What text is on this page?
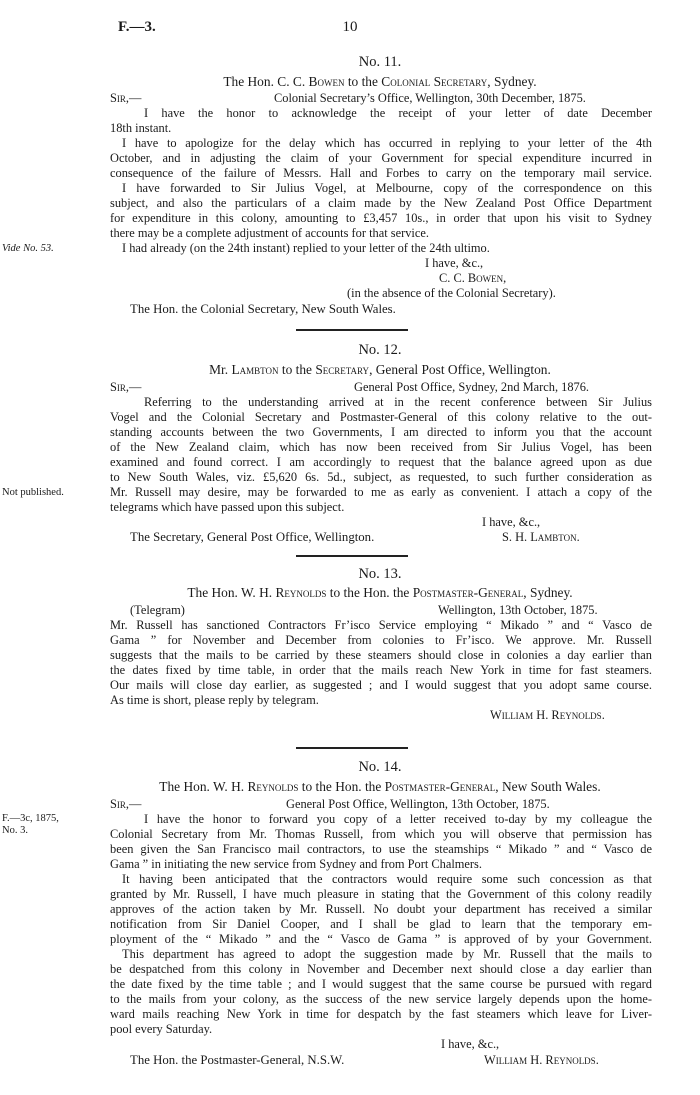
F.—3.	10
No. 11.
The Hon. C. C. Bowen to the Colonial Secretary, Sydney.
Sir,—	Colonial Secretary’s Office, Wellington, 30th December, 1875.
I have the honor to acknowledge the receipt of your letter of date December
18th instant.
I have to apologize for the delay which has occurred in replying to your letter of the 4th
October, and in adjusting the claim of your Government for special expenditure incurred in
consequence of the failure of Messrs. Hall and Forbes to carry on the temporary mail service.
I have forwarded to Sir Julius Vogel, at Melbourne, copy of the correspondence on this
subject, and also the particulars of a claim made by the New Zealand Post Office Department
for expenditure in this colony, amounting to £3,457 10s., in order that upon his visit to Sydney
there may be a complete adjustment of accounts for that service.
Vide No. 53.	I had already (on the 24th instant) replied to your letter of the 24th ultimo.
I have, &c.,
C. C. Bowen,
(in the absence of the Colonial Secretary).
The Hon. the Colonial Secretary, New South Wales.
No. 12.
Mr. Lambton to the Secretary, General Post Office, Wellington.
Sir,—	General Post Office, Sydney, 2nd March, 1876.
Referring to the understanding arrived at in the recent conference between Sir Julius
Vogel and the Colonial Secretary and Postmaster-General of this colony relative to the out-
standing accounts between the two Governments, I am directed to inform you that the account
of the New Zealand claim, which has now been received from Sir Julius Vogel, has been
examined and found correct. I am accordingly to request that the balance agreed upon as due
to New South Wales, viz. £5,620 6s. 5d., subject, as requested, to such further consideration as
Not published.	Mr. Russell may desire, may be forwarded to me as early as convenient. I attach a copy of the
telegrams which have passed upon this subject.
I have, &c.,
The Secretary, General Post Office, Wellington.	S. H. Lambton.
No. 13.
The Hon. W. H. Reynolds to the Hon. the Postmaster-General, Sydney.
(Telegram)	Wellington, 13th October, 1875.
Mr. Russell has sanctioned Contractors Fr’isco Service employing “ Mikado ” and “ Vasco de
Gama ” for November and December from colonies to Fr’isco. We approve. Mr. Russell
suggests that the mails to be carried by these steamers should close in colonies a day earlier than
the dates fixed by time table, in order that the mails reach New York in time for fast steamers.
Our mails will close day earlier, as suggested ; and I would suggest that you adopt same course.
As time is short, please reply by telegram.
William H. Reynolds.
No. 14.
The Hon. W. H. Reynolds to the Hon. the Postmaster-General, New South Wales.
Sir,—	General Post Office, Wellington, 13th October, 1875.
F.—3c, 1875,
No. 3.
I have the honor to forward you copy of a letter received to-day by my colleague the
Colonial Secretary from Mr. Thomas Russell, from which you will observe that permission has
been given the San Francisco mail contractors, to use the steamships “ Mikado ” and “ Vasco de
Gama ” in initiating the new service from Sydney and from Port Chalmers.
It having been anticipated that the contractors would require some such concession as that
granted by Mr. Russell, I have much pleasure in stating that the Government of this colony readily
approves of the action taken by Mr. Russell. No doubt your department has received a similar
notification from Sir Daniel Cooper, and I shall be glad to learn that the temporary em-
ployment of the “ Mikado ” and the “ Vasco de Gama ” is approved of by your Government.
This department has agreed to adopt the suggestion made by Mr. Russell that the mails to
be despatched from this colony in November and December next should close a day earlier than
the date fixed by the time table ; and I would suggest that the same course be pursued with regard
to the mails from your colony, as the success of the new service largely depends upon the home-
ward mails reaching New York in time for despatch by the fast steamers which leave for Liver-
pool every Saturday.
I have, &c.,
The Hon. the Postmaster-General, N.S.W.	William H. Reynolds.
